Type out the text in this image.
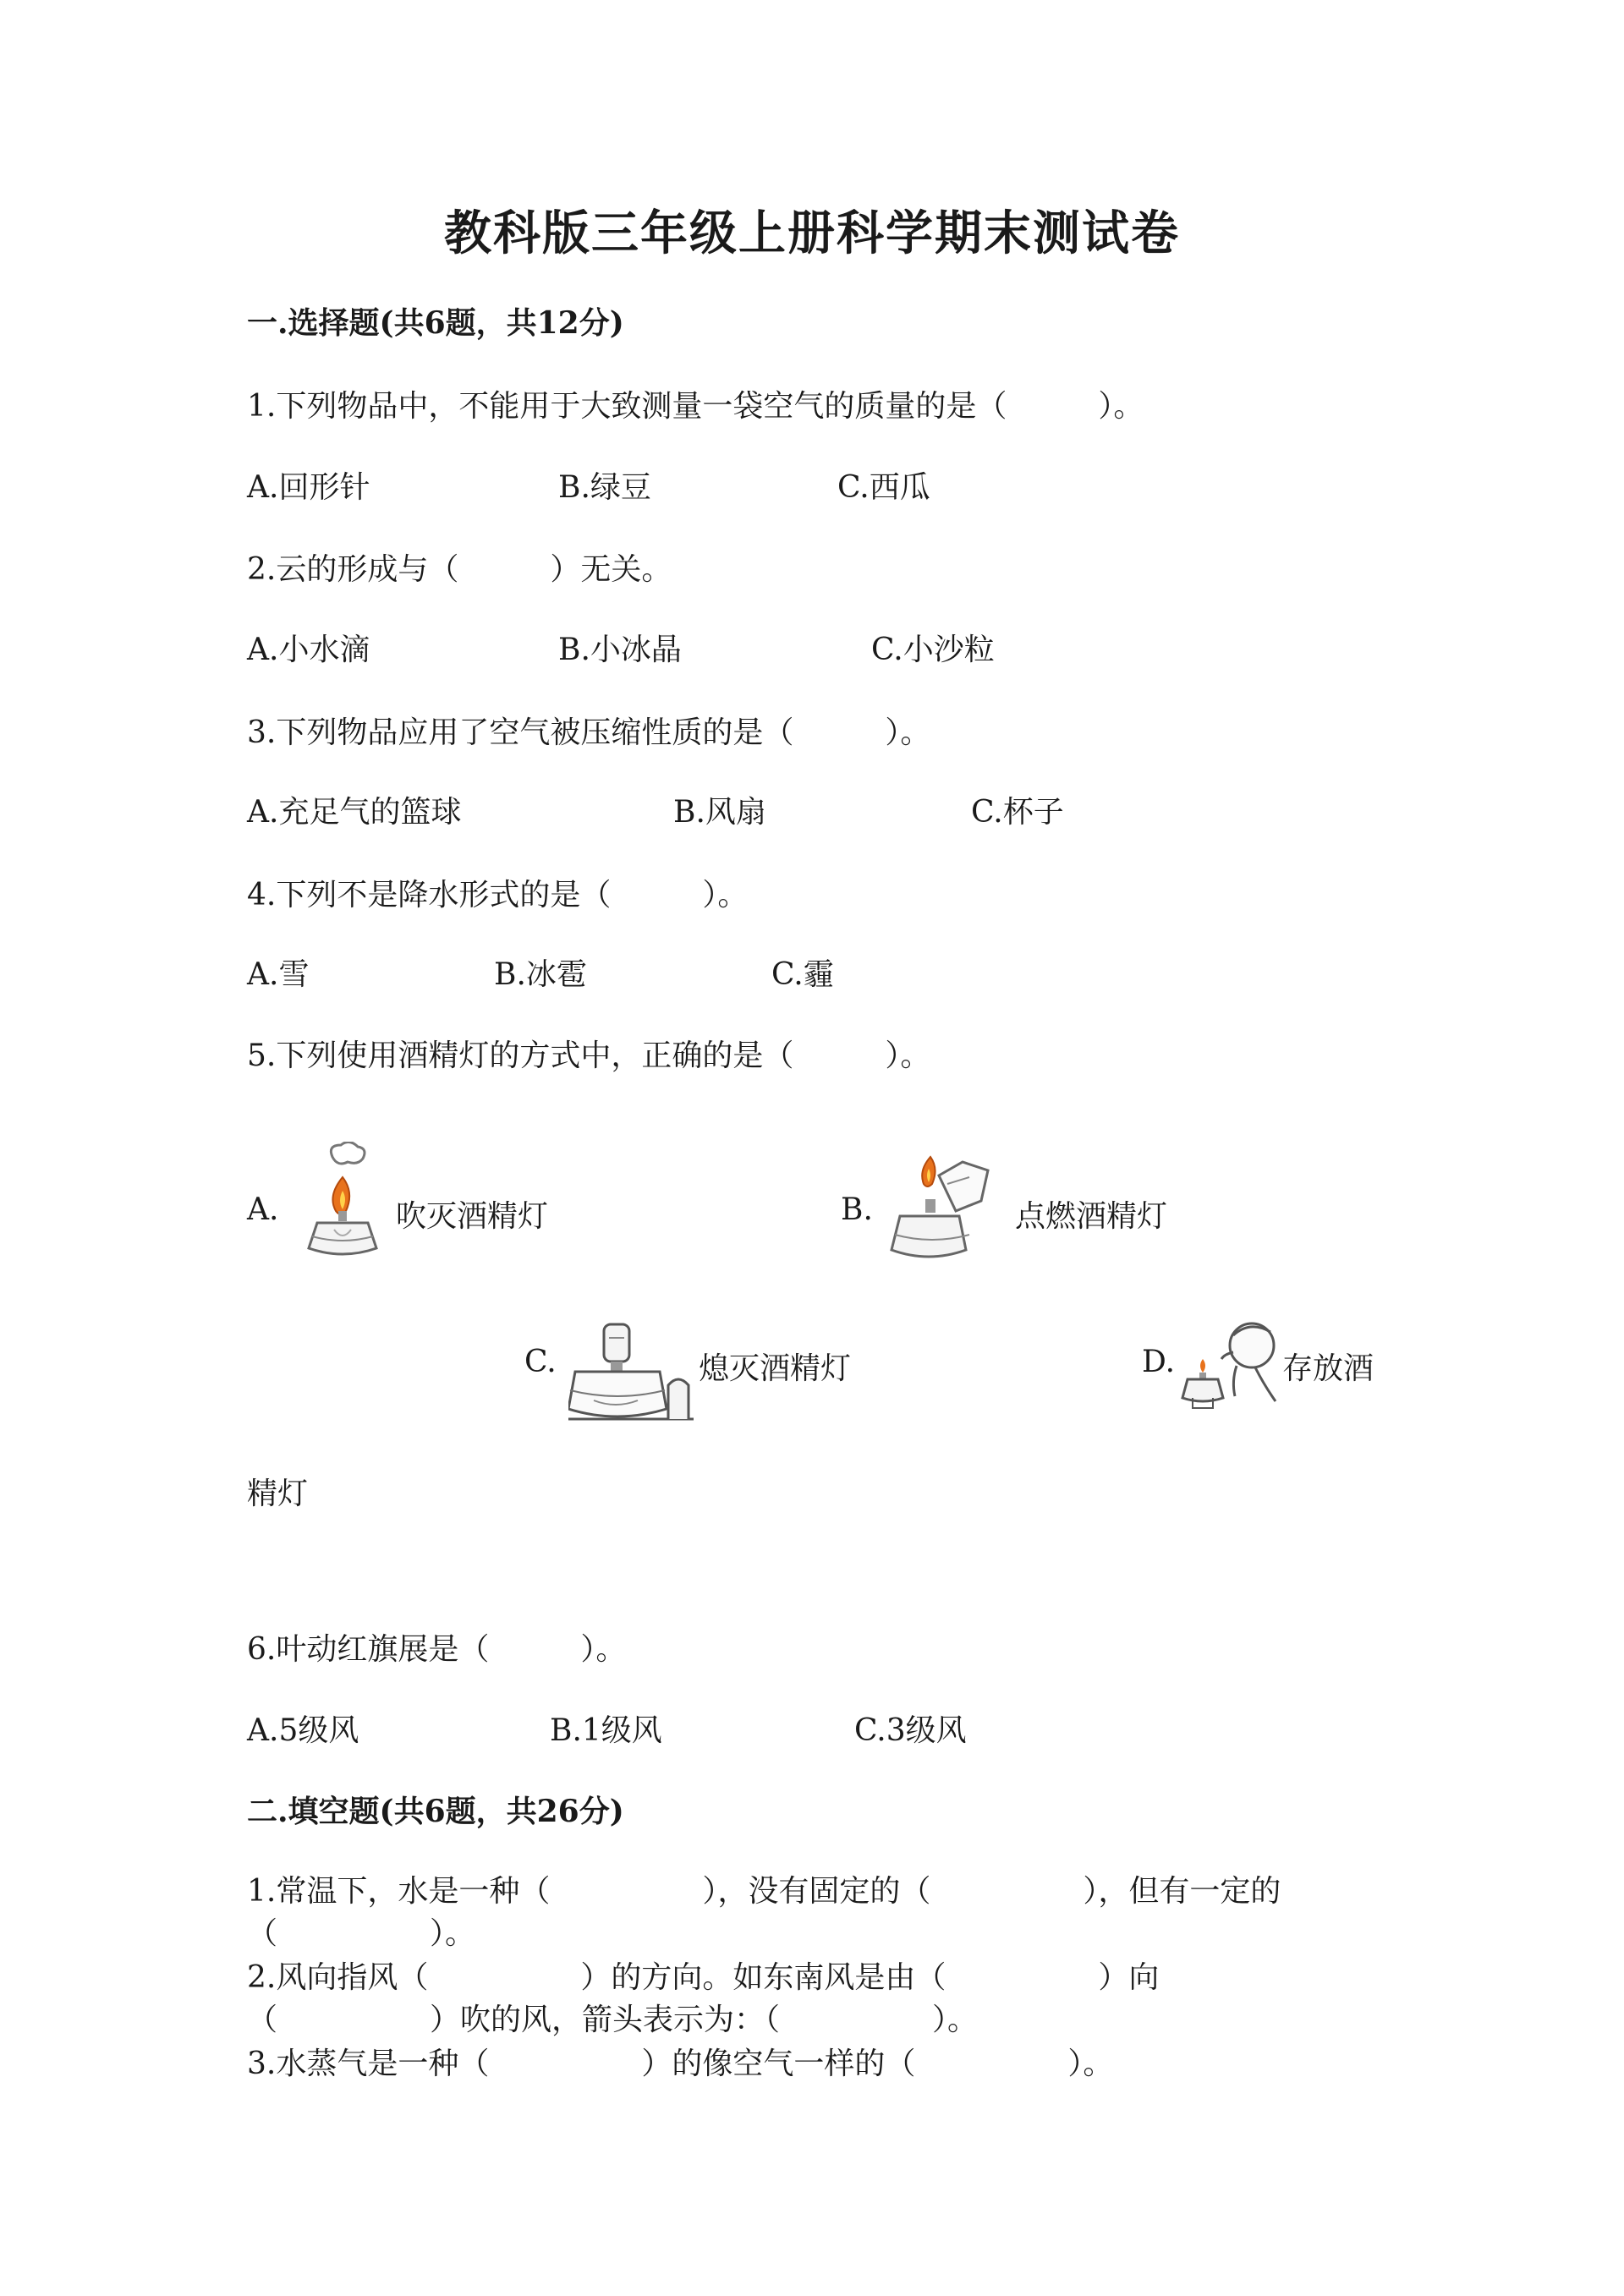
教科版三年级上册科学期末测试卷
一.选择题(共6题，共12分)
1.下列物品中，不能用于大致测量一袋空气的质量的是（　　　）。
A.回形针	B.绿豆	C.西瓜
2.云的形成与（　　　）无关。
A.小水滴	B.小冰晶	C.小沙粒
3.下列物品应用了空气被压缩性质的是（　　　）。
A.充足气的篮球	B.风扇	C.杯子
4.下列不是降水形式的是（　　　）。
A.雪	B.冰雹	C.霾
5.下列使用酒精灯的方式中，正确的是（　　　）。
A.	吹灭酒精灯	B.	点燃酒精灯
C.	熄灭酒精灯	D.	存放酒
精灯
6.叶动红旗展是（　　　）。
A.5级风	B.1级风	C.3级风
二.填空题(共6题，共26分)
1.常温下，水是一种（　　　　　），没有固定的（　　　　　），但有一定的
（　　　　　）。
2.风向指风（　　　　　）的方向。如东南风是由（　　　　　）向
（　　　　　）吹的风，箭头表示为：（　　　　　）。
3.水蒸气是一种（　　　　　）的像空气一样的（　　　　　）。
